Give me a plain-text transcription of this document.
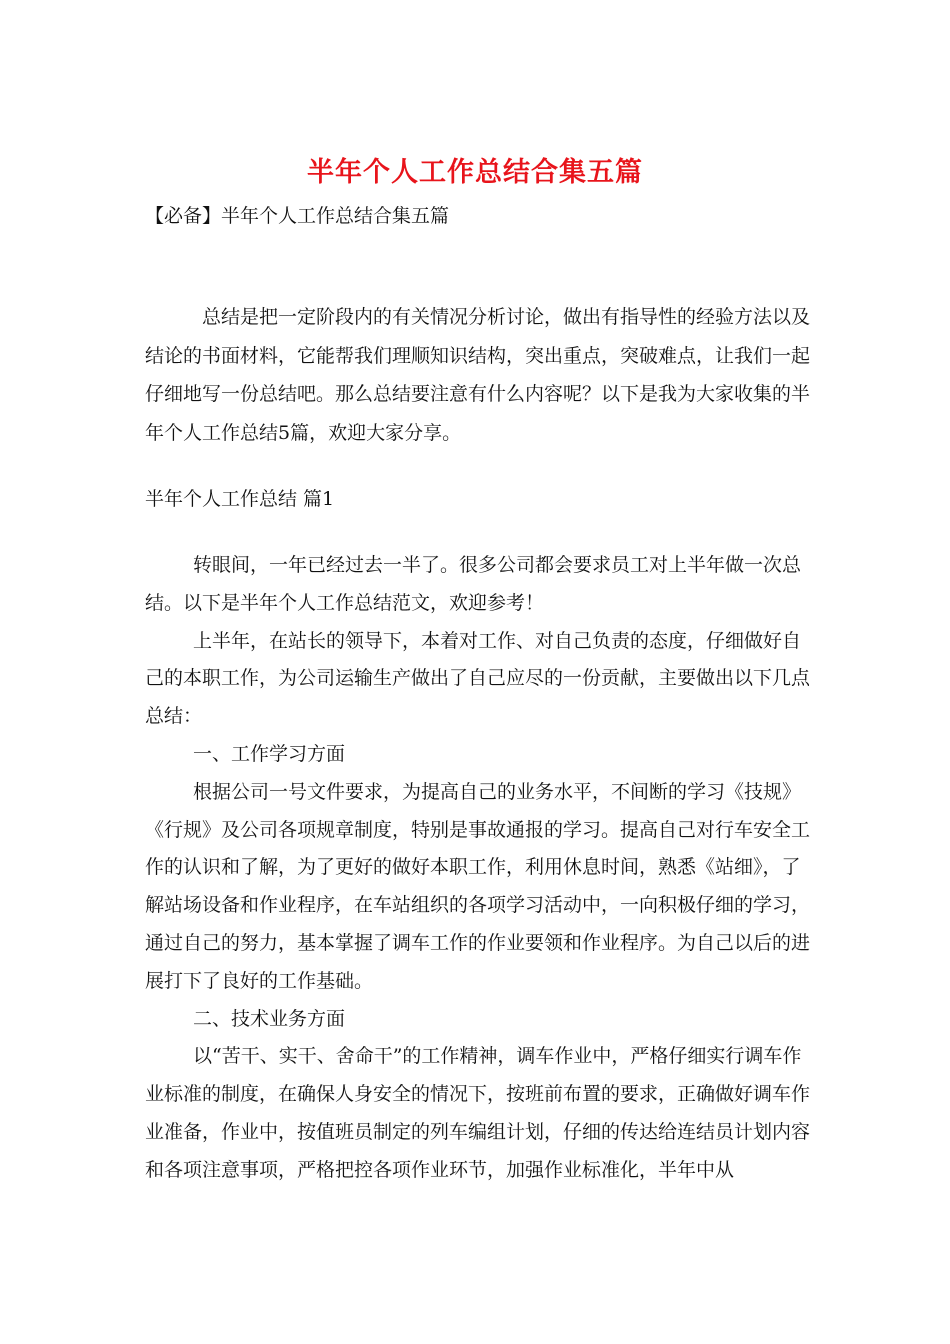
半年个人工作总结合集五篇
【必备】半年个人工作总结合集五篇

总结是把一定阶段内的有关情况分析讨论，做出有指导性的经验方法以及结论的书面材料，它能帮我们理顺知识结构，突出重点，突破难点，让我们一起仔细地写一份总结吧。那么总结要注意有什么内容呢？以下是我为大家收集的半年个人工作总结5篇，欢迎大家分享。

半年个人工作总结 篇1

转眼间，一年已经过去一半了。很多公司都会要求员工对上半年做一次总结。以下是半年个人工作总结范文，欢迎参考！

上半年，在站长的领导下，本着对工作、对自己负责的态度，仔细做好自己的本职工作，为公司运输生产做出了自己应尽的一份贡献，主要做出以下几点总结：

一、工作学习方面

根据公司一号文件要求，为提高自己的业务水平，不间断的学习《技规》《行规》及公司各项规章制度，特别是事故通报的学习。提高自己对行车安全工作的认识和了解，为了更好的做好本职工作，利用休息时间，熟悉《站细》，了解站场设备和作业程序，在车站组织的各项学习活动中，一向积极仔细的学习，通过自己的努力，基本掌握了调车工作的作业要领和作业程序。为自己以后的进展打下了良好的工作基础。

二、技术业务方面

以“苦干、实干、舍命干”的工作精神，调车作业中，严格仔细实行调车作业标准的制度，在确保人身安全的情况下，按班前布置的要求，正确做好调车作业准备，作业中，按值班员制定的列车编组计划，仔细的传达给连结员计划内容和各项注意事项，严格把控各项作业环节，加强作业标准化，半年中从
